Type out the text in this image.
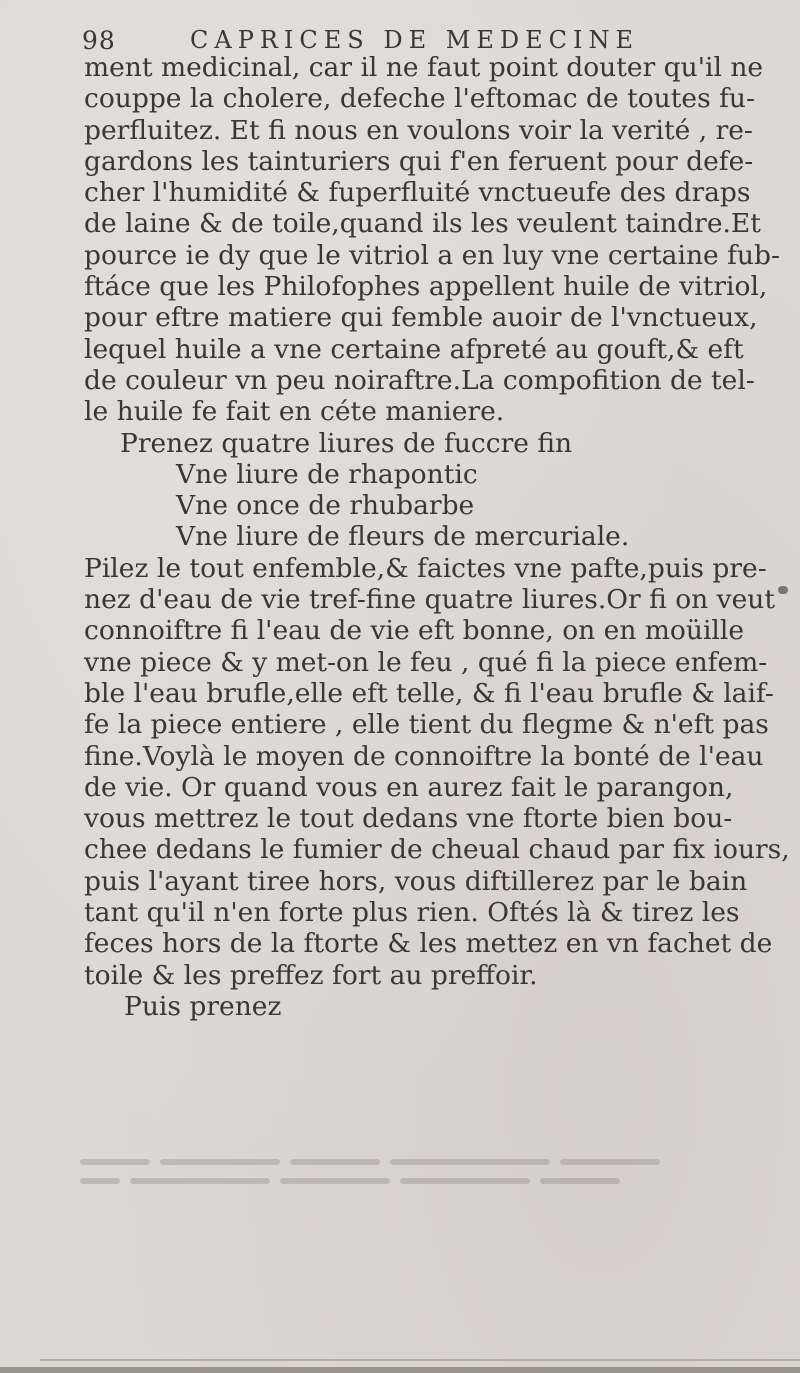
98	CAPRICES DE MEDECINE
ment medicinal, car il ne faut point douter qu'il ne
couppe la cholere, defeche l'eftomac de toutes fu-
perfluitez. Et fi nous en voulons voir la verité , re-
gardons les tainturiers qui f'en feruent pour defe-
cher l'humidité & fuperfluité vnctueufe des draps
de laine & de toile,quand ils les veulent taindre.Et
pource ie dy que le vitriol a en luy vne certaine fub-
ftáce que les Philofophes appellent huile de vitriol,
pour eftre matiere qui femble auoir de l'vnctueux,
lequel huile a vne certaine afpreté au gouft,& eft
de couleur vn peu noiraftre.La compofition de tel-
le huile fe fait en céte maniere.
Prenez quatre liures de fuccre fin
Vne liure de rhapontic
Vne once de rhubarbe
Vne liure de fleurs de mercuriale.
Pilez le tout enfemble,& faictes vne pafte,puis pre-
nez d'eau de vie tref-fine quatre liures.Or fi on veut
connoiftre fi l'eau de vie eft bonne, on en moüille
vne piece & y met-on le feu , qué fi la piece enfem-
ble l'eau brufle,elle eft telle, & fi l'eau brufle & laif-
fe la piece entiere , elle tient du flegme & n'eft pas
fine.Voylà le moyen de connoiftre la bonté de l'eau
de vie. Or quand vous en aurez fait le parangon,
vous mettrez le tout dedans vne ftorte bien bou-
chee dedans le fumier de cheual chaud par fix iours,
puis l'ayant tiree hors, vous diftillerez par le bain
tant qu'il n'en forte plus rien. Oftés là & tirez les
feces hors de la ftorte & les mettez en vn fachet de
toile & les preffez fort au preffoir.
Puis prenez
